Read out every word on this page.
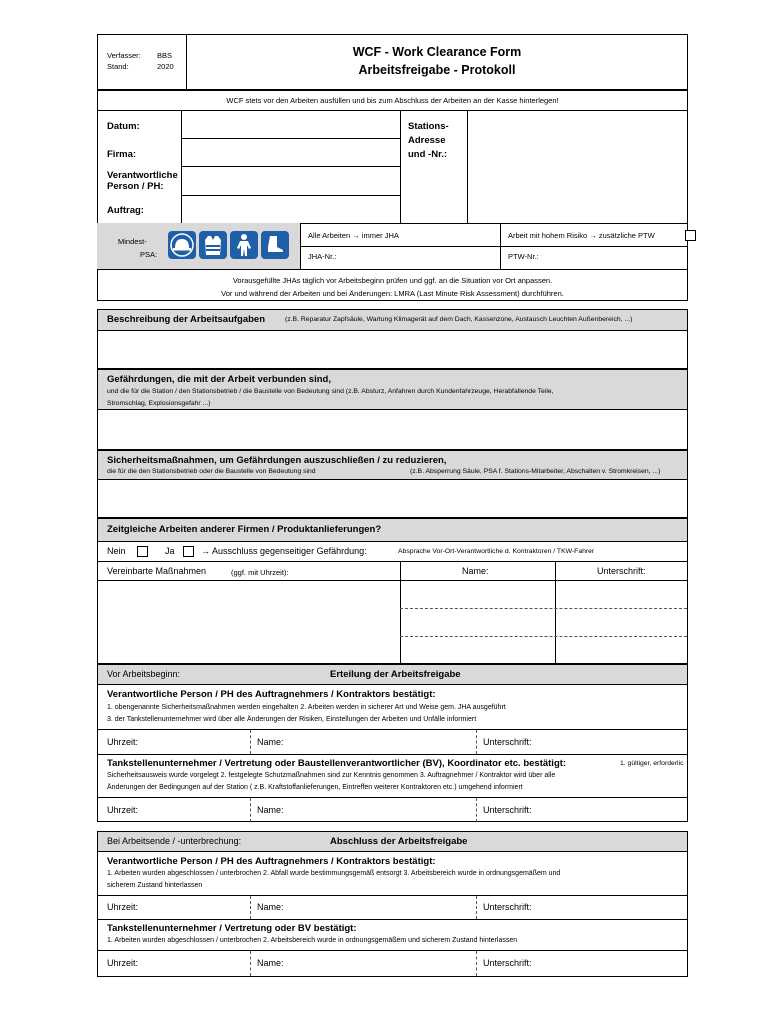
Verfasser: BBS
Stand:	2020
WCF - Work Clearance Form
Arbeitsfreigabe - Protokoll
WCF stets vor den Arbeiten ausfüllen und bis zum Abschluss der Arbeiten an der Kasse hinterlegen!
Datum:
Firma:
Verantwortliche
Person / PH:
Auftrag:
Stations-
Adresse
und -Nr.:
Mindest-
PSA:
Alle Arbeiten → immer JHA	Arbeit mit hohem Risiko → zusätzliche PTW
JHA-Nr.:	PTW-Nr.:
Vorausgefüllte JHAs täglich vor Arbeitsbeginn prüfen und ggf. an die Situation vor Ort anpassen.
Vor und während der Arbeiten und bei Änderungen: LMRA (Last Minute Risk Assessment) durchführen.
Beschreibung der Arbeitsaufgaben	(z.B. Reparatur Zapfsäule, Wartung Klimagerät auf dem Dach, Kassenzone, Austausch Leuchten Außenbereich, ...)
Gefährdungen, die mit der Arbeit verbunden sind,
und die für die Station / den Stationsbetrieb / die Baustelle von Bedeutung sind (z.B. Absturz, Anfahren durch Kundenfahrzeuge, Herabfallende Teile,
Stromschlag, Explosionsgefahr ...)
Sicherheitsmaßnahmen, um Gefährdungen auszuschließen / zu reduzieren,
die für die den Stationsbetrieb oder die Baustelle von Bedeutung sind	(z.B. Absperrung Säule, PSA f. Stations-Mitarbeiter, Abschalten v. Stromkreisen, ...)
Zeitgleiche Arbeiten anderer Firmen / Produktanlieferungen?
Nein	Ja	→ Ausschluss gegenseitiger Gefährdung:	Absprache Vor-Ort-Verantwortliche d. Kontraktoren / TKW-Fahrer
Vereinbarte Maßnahmen	(ggf. mit Uhrzeit):	Name:	Unterschrift:
Vor Arbeitsbeginn:	Erteilung der Arbeitsfreigabe
Verantwortliche Person / PH des Auftragnehmers / Kontraktors bestätigt:
1. obengenannte Sicherheitsmaßnahmen werden eingehalten 2. Arbeiten werden in sicherer Art und Weise gem. JHA ausgeführt
3. der Tankstellenunternehmer wird über alle Änderungen der Risiken, Einstellungen der Arbeiten und Unfälle informiert
Uhrzeit:	Name:	Unterschrift:
Tankstellenunternehmer / Vertretung oder Baustellenverantwortlicher (BV), Koordinator etc. bestätigt:	1. gültiger, erforderlic
Sicherheitsausweis wurde vorgelegt 2. festgelegte Schutzmaßnahmen sind zur Kenntnis genommen 3. Auftragnehmer / Kontraktor wird über alle
Änderungen der Bedingungen auf der Station ( z.B. Kraftstoffanlieferungen, Eintreffen weiterer Kontraktoren etc.) umgehend informiert
Uhrzeit:	Name:	Unterschrift:
Bei Arbeitsende / -unterbrechung:	Abschluss der Arbeitsfreigabe
Verantwortliche Person / PH des Auftragnehmers / Kontraktors bestätigt:
1. Arbeiten wurden abgeschlossen / unterbrochen 2. Abfall wurde bestimmungsgemäß entsorgt 3. Arbeitsbereich wurde in ordnungsgemäßem und
sicherem Zustand hinterlassen
Uhrzeit:	Name:	Unterschrift:
Tankstellenunternehmer / Vertretung oder BV bestätigt:
1. Arbeiten wurden abgeschlossen / unterbrochen 2. Arbeitsbereich wurde in ordnungsgemäßem und sicherem Zustand hinterlassen
Uhrzeit:	Name:	Unterschrift:
